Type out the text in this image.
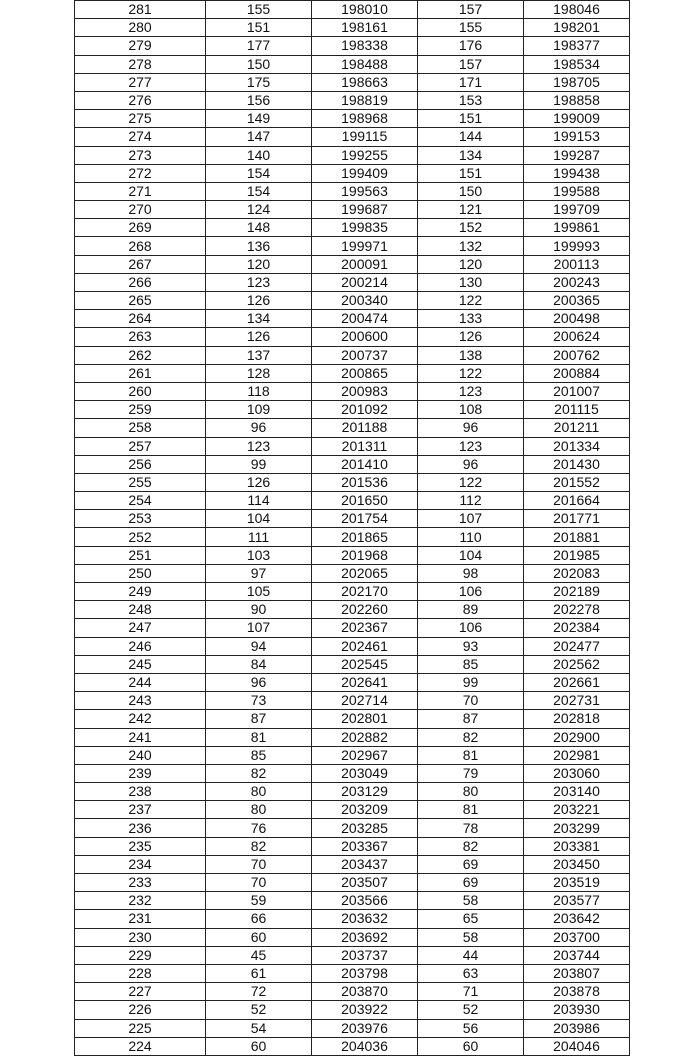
281	155	198010	157	198046
280	151	198161	155	198201
279	177	198338	176	198377
278	150	198488	157	198534
277	175	198663	171	198705
276	156	198819	153	198858
275	149	198968	151	199009
274	147	199115	144	199153
273	140	199255	134	199287
272	154	199409	151	199438
271	154	199563	150	199588
270	124	199687	121	199709
269	148	199835	152	199861
268	136	199971	132	199993
267	120	200091	120	200113
266	123	200214	130	200243
265	126	200340	122	200365
264	134	200474	133	200498
263	126	200600	126	200624
262	137	200737	138	200762
261	128	200865	122	200884
260	118	200983	123	201007
259	109	201092	108	201115
258	96	201188	96	201211
257	123	201311	123	201334
256	99	201410	96	201430
255	126	201536	122	201552
254	114	201650	112	201664
253	104	201754	107	201771
252	111	201865	110	201881
251	103	201968	104	201985
250	97	202065	98	202083
249	105	202170	106	202189
248	90	202260	89	202278
247	107	202367	106	202384
246	94	202461	93	202477
245	84	202545	85	202562
244	96	202641	99	202661
243	73	202714	70	202731
242	87	202801	87	202818
241	81	202882	82	202900
240	85	202967	81	202981
239	82	203049	79	203060
238	80	203129	80	203140
237	80	203209	81	203221
236	76	203285	78	203299
235	82	203367	82	203381
234	70	203437	69	203450
233	70	203507	69	203519
232	59	203566	58	203577
231	66	203632	65	203642
230	60	203692	58	203700
229	45	203737	44	203744
228	61	203798	63	203807
227	72	203870	71	203878
226	52	203922	52	203930
225	54	203976	56	203986
224	60	204036	60	204046
